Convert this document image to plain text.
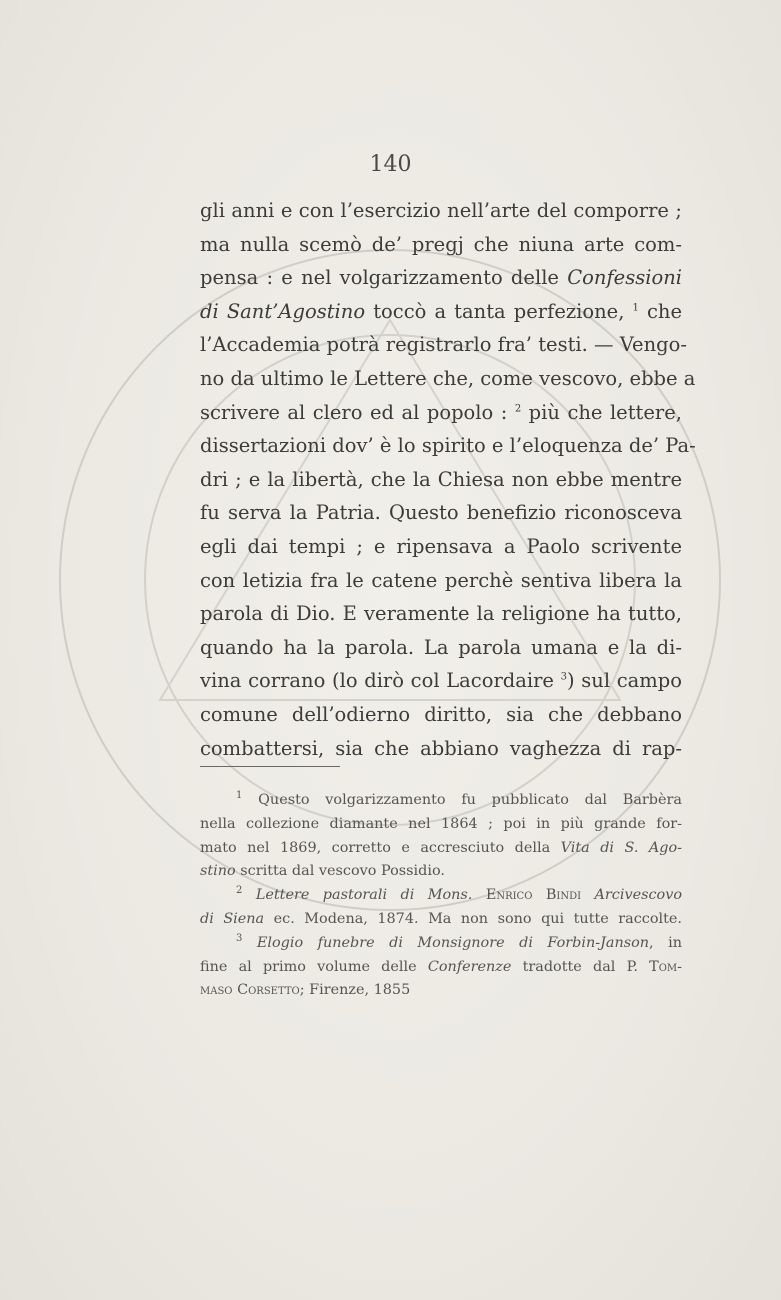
140
gli anni e con l’esercizio nell’arte del comporre ;
ma nulla scemò de’ pregj che niuna arte com-
pensa : e nel volgarizzamento delle Confessioni
di Sant’Agostino toccò a tanta perfezione, $^1$ che
l’Accademia potrà registrarlo fra’ testi. — Vengo-
no da ultimo le Lettere che, come vescovo, ebbe a
scrivere al clero ed al popolo : $^2$ più che lettere,
dissertazioni dov’ è lo spirito e l’eloquenza de’ Pa-
dri ; e la libertà, che la Chiesa non ebbe mentre
fu serva la Patria. Questo benefizio riconosceva
egli dai tempi ; e ripensava a Paolo scrivente
con letizia fra le catene perchè sentiva libera la
parola di Dio. E veramente la religione ha tutto,
quando ha la parola. La parola umana e la di-
vina corrano (lo dirò col Lacordaire $^3$) sul campo
comune dell’odierno diritto, sia che debbano
combattersi, sia che abbiano vaghezza di rap-
$^1$ Questo volgarizzamento fu pubblicato dal Barbèra
nella collezione diamante nel 1864 ; poi in più grande for-
mato nel 1869, corretto e accresciuto della Vita di S. Ago-
stino scritta dal vescovo Possidio.
$^2$ Lettere pastorali di Mons. Enrico Bindi Arcivescovo
di Siena ec. Modena, 1874. Ma non sono qui tutte raccolte.
$^3$ Elogio funebre di Monsignore di Forbin-Janson, in
fine al primo volume delle Conferenze tradotte dal P. Tom-
maso Corsetto; Firenze, 1855
